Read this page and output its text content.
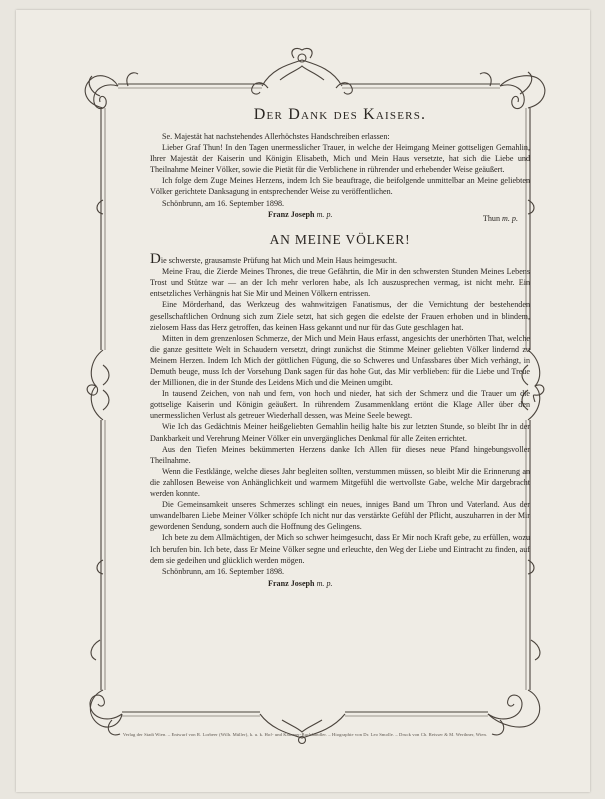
Der Dank des Kaisers.

Se. Majestät hat nachstehendes Allerhöchstes Handschreiben erlassen:

Lieber Graf Thun! In den Tagen unermesslicher Trauer, in welche der Heimgang Meiner gottseligen Gemahlin, Ihrer Majestät der Kaiserin und Königin Elisabeth, Mich und Mein Haus versetzte, hat sich die Liebe und Theilnahme Meiner Völker, sowie die Pietät für die Verblichene in rührender und erhebender Weise geäußert.

Ich folge dem Zuge Meines Herzens, indem Ich Sie beauftrage, die beifolgende unmittelbar an Meine geliebten Völker gerichtete Danksagung in entsprechender Weise zu veröffentlichen.

Schönbrunn, am 16. September 1898.
Franz Joseph m. p.	Thun m. p.
AN MEINE VÖLKER!

Die schwerste, grausamste Prüfung hat Mich und Mein Haus heimgesucht.

Meine Frau, die Zierde Meines Thrones, die treue Gefährtin, die Mir in den schwersten Stunden Meines Lebens Trost und Stütze war — an der Ich mehr verloren habe, als Ich auszusprechen vermag, ist nicht mehr. Ein entsetzliches Verhängnis hat Sie Mir und Meinen Völkern entrissen.

Eine Mörderhand, das Werkzeug des wahnwitzigen Fanatismus, der die Vernichtung der bestehenden gesellschaftlichen Ordnung sich zum Ziele setzt, hat sich gegen die edelste der Frauen erhoben und in blindem, zielosem Hass das Herz getroffen, das keinen Hass gekannt und nur für das Gute geschlagen hat.

Mitten in dem grenzenlosen Schmerze, der Mich und Mein Haus erfasst, angesichts der unerhörten That, welche die ganze gesittete Welt in Schaudern versetzt, dringt zunächst die Stimme Meiner geliebten Völker lindernd zu Meinem Herzen. Indem Ich Mich der göttlichen Fügung, die so Schweres und Unfassbares über Mich verhängt, in Demuth beuge, muss Ich der Vorsehung Dank sagen für das hohe Gut, das Mir verblieben: für die Liebe und Treue der Millionen, die in der Stunde des Leidens Mich und die Meinen umgibt.

In tausend Zeichen, von nah und fern, von hoch und nieder, hat sich der Schmerz und die Trauer um die gottselige Kaiserin und Königin geäußert. In rührendem Zusammenklang ertönt die Klage Aller über den unermesslichen Verlust als getreuer Wiederhall dessen, was Meine Seele bewegt.

Wie Ich das Gedächtnis Meiner heißgeliebten Gemahlin heilig halte bis zur letzten Stunde, so bleibt Ihr in der Dankbarkeit und Verehrung Meiner Völker ein unvergängliches Denkmal für alle Zeiten errichtet.

Aus den Tiefen Meines bekümmerten Herzens danke Ich Allen für dieses neue Pfand hingebungsvoller Theilnahme.

Wenn die Festklänge, welche dieses Jahr begleiten sollten, verstummen müssen, so bleibt Mir die Erinnerung an die zahllosen Beweise von Anhänglichkeit und warmem Mitgefühl die wertvollste Gabe, welche Mir dargebracht werden konnte.

Die Gemeinsamkeit unseres Schmerzes schlingt ein neues, inniges Band um Thron und Vaterland. Aus der unwandelbaren Liebe Meiner Völker schöpfe Ich nicht nur das verstärkte Gefühl der Pflicht, auszuharren in der Mir gewordenen Sendung, sondern auch die Hoffnung des Gelingens.

Ich bete zu dem Allmächtigen, der Mich so schwer heimgesucht, dass Er Mir noch Kraft gebe, zu erfüllen, wozu Ich berufen bin. Ich bete, dass Er Meine Völker segne und erleuchte, den Weg der Liebe und Eintracht zu finden, auf dem sie gedeihen und glücklich werden mögen.

Schönbrunn, am 16. September 1898.
Franz Joseph m. p.
Verlag der Stadt Wien. – Entwurf von R. Lorbeer (Wilh. Müller), k. u. k. Hof- und Kammer-Buchhändler. – Hiographie von Dr. Leo Smolle. – Druck von Ch. Reisser & M. Werthner, Wien.
